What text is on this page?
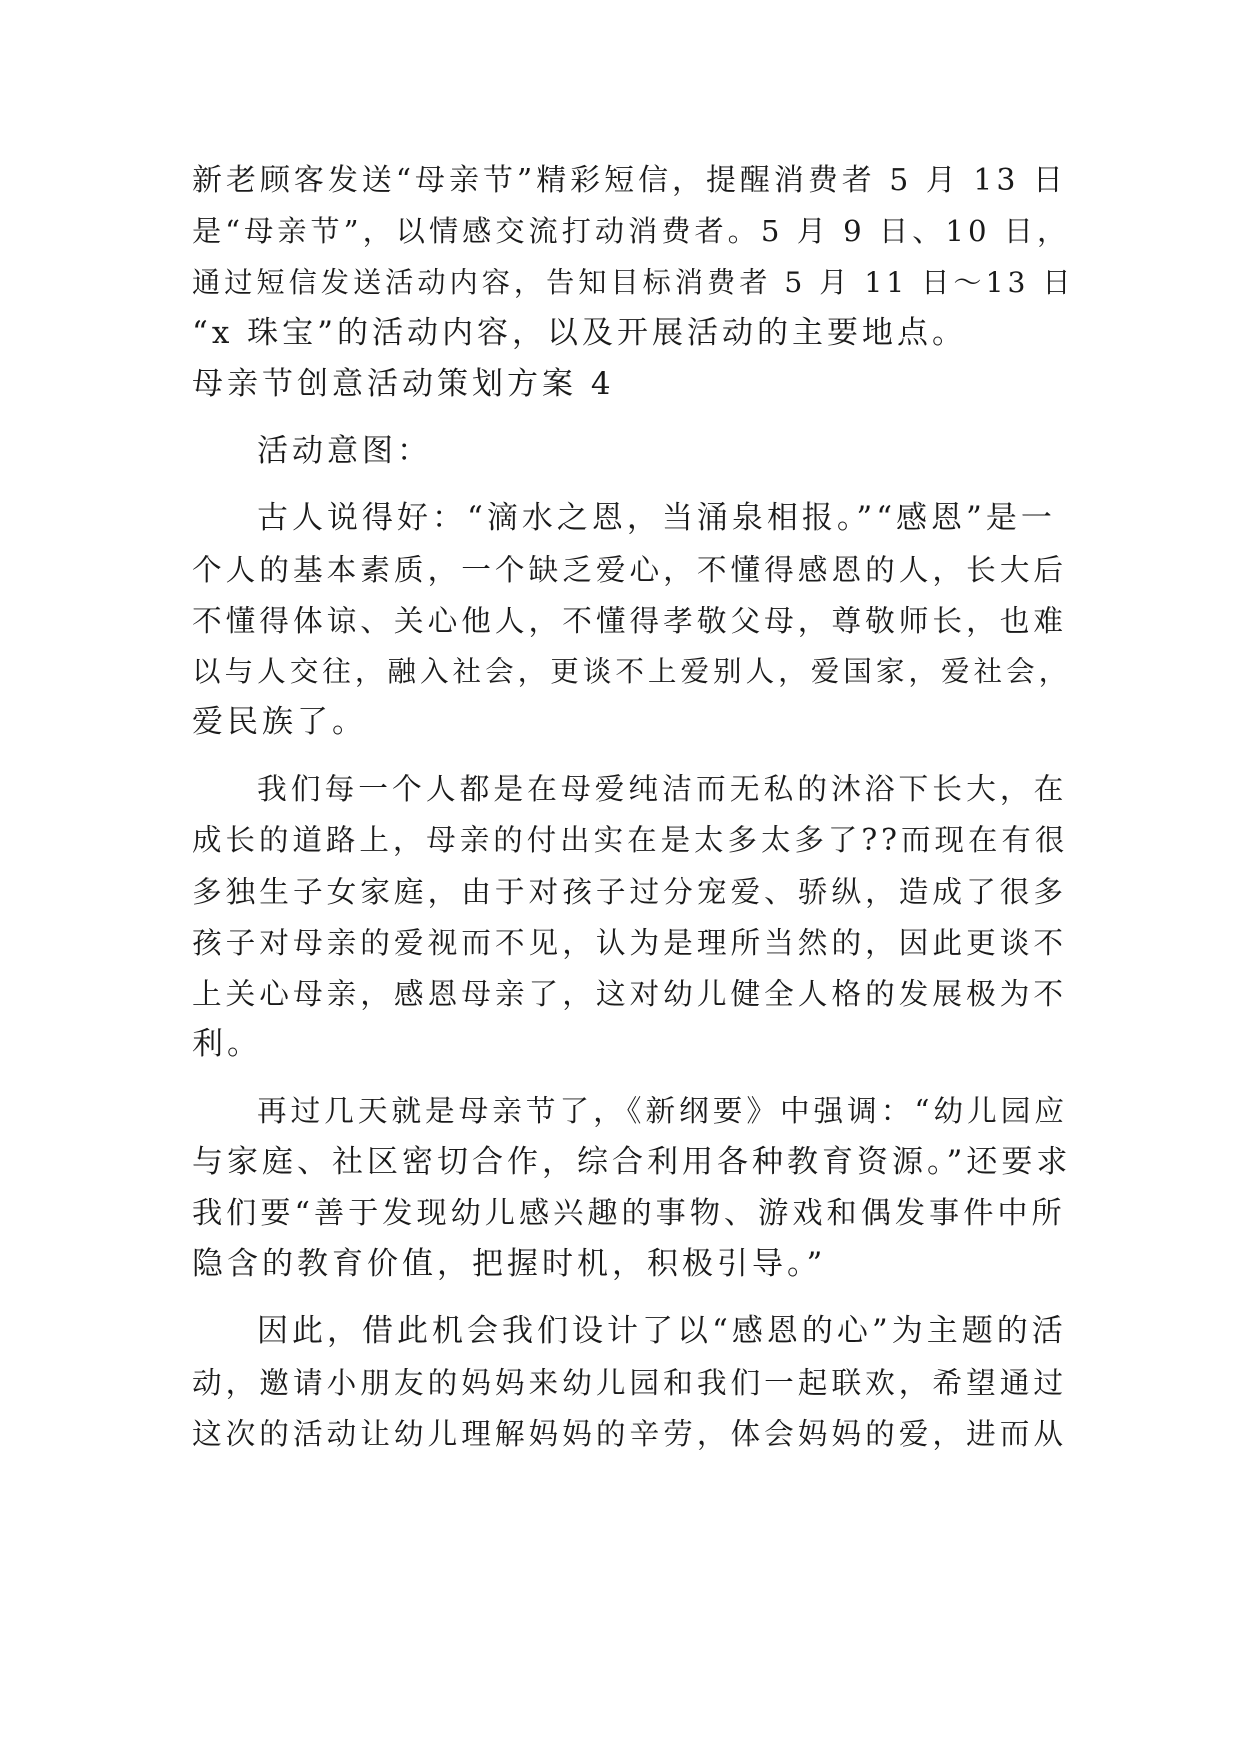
新老顾客发送“母亲节”精彩短信，提醒消费者 5 月 13 日

是“母亲节”，以情感交流打动消费者。5 月 9 日、10 日，

通过短信发送活动内容，告知目标消费者 5 月 11 日～13 日

“x 珠宝”的活动内容，以及开展活动的主要地点。

母亲节创意活动策划方案 4

活动意图：

古人说得好：“滴水之恩，当涌泉相报。”“感恩”是一

个人的基本素质，一个缺乏爱心，不懂得感恩的人，长大后

不懂得体谅、关心他人，不懂得孝敬父母，尊敬师长，也难

以与人交往，融入社会，更谈不上爱别人，爱国家，爱社会，

爱民族了。

我们每一个人都是在母爱纯洁而无私的沐浴下长大，在

成长的道路上，母亲的付出实在是太多太多了??而现在有很

多独生子女家庭，由于对孩子过分宠爱、骄纵，造成了很多

孩子对母亲的爱视而不见，认为是理所当然的，因此更谈不

上关心母亲，感恩母亲了，这对幼儿健全人格的发展极为不

利。

再过几天就是母亲节了，《新纲要》中强调：“幼儿园应

与家庭、社区密切合作，综合利用各种教育资源。”还要求

我们要“善于发现幼儿感兴趣的事物、游戏和偶发事件中所

隐含的教育价值，把握时机，积极引导。”

因此，借此机会我们设计了以“感恩的心”为主题的活

动，邀请小朋友的妈妈来幼儿园和我们一起联欢，希望通过

这次的活动让幼儿理解妈妈的辛劳，体会妈妈的爱，进而从
